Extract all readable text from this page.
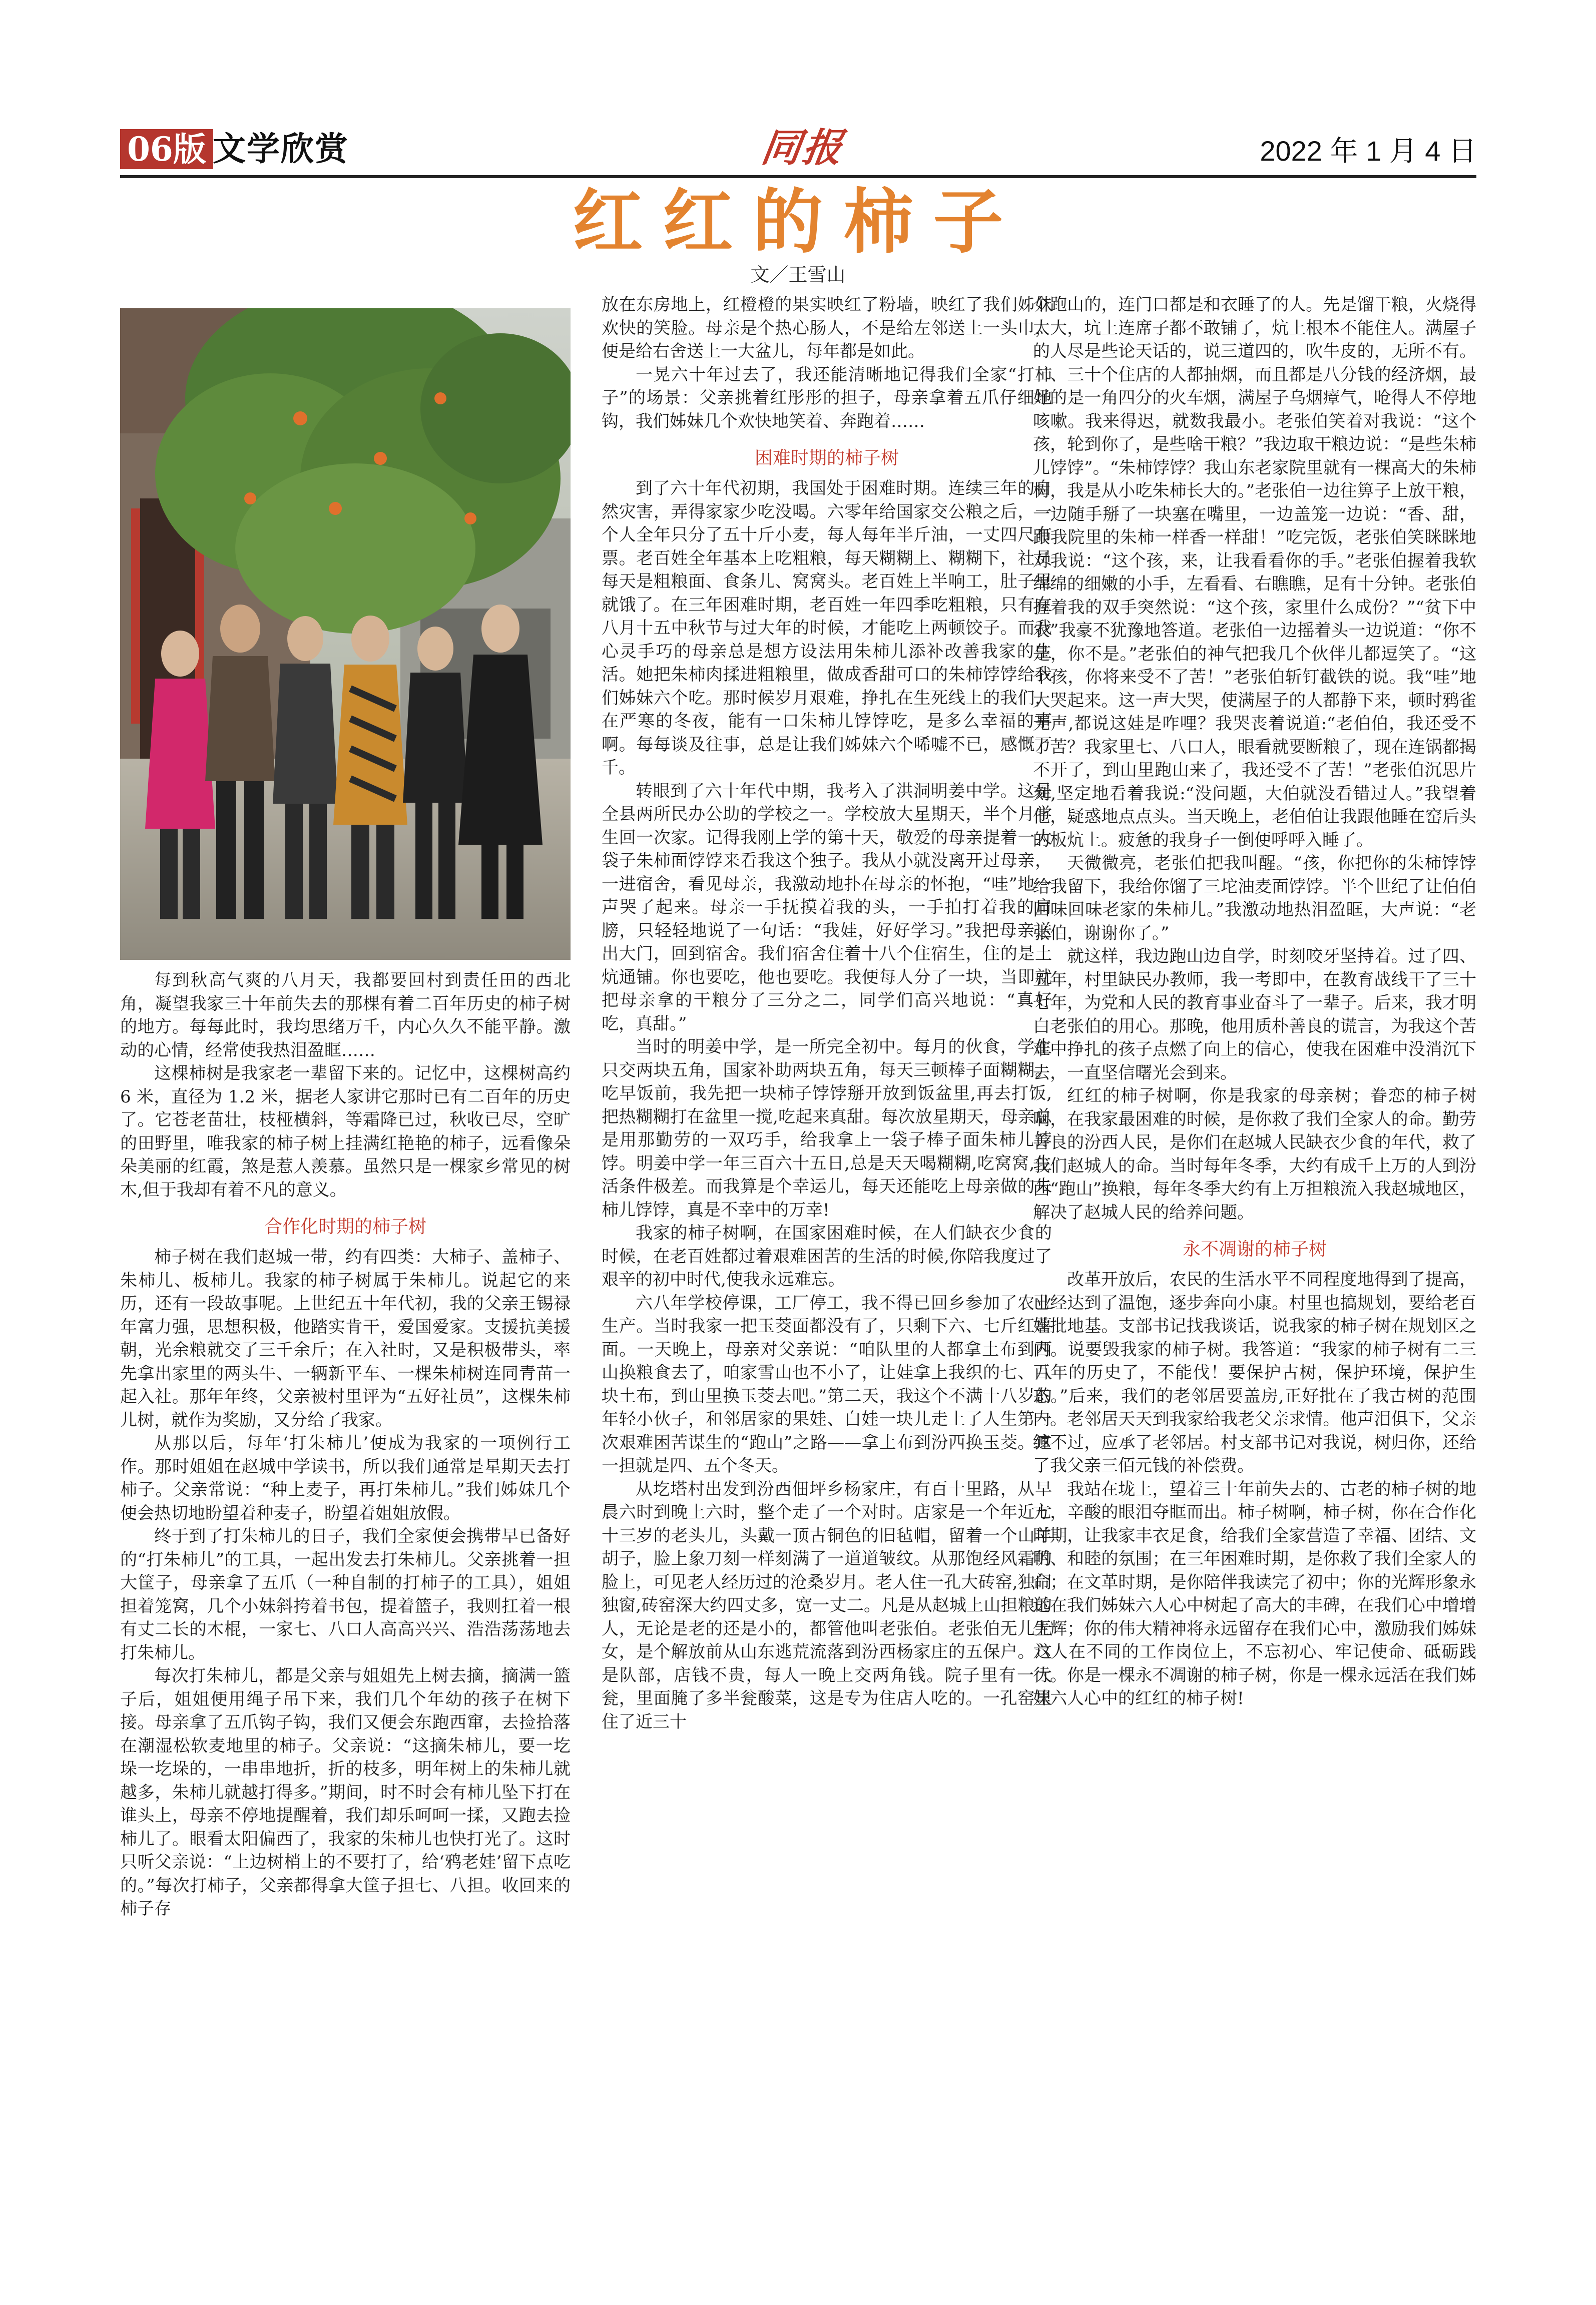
06版 文学欣赏	同报	2022 年 1 月 4 日
红红的柿子
文／王雪山

每到秋高气爽的八月天，我都要回村到责任田的西北角，凝望我家三十年前失去的那棵有着二百年历史的柿子树的地方。每每此时，我均思绪万千，内心久久不能平静。激动的心情，经常使我热泪盈眶……

这棵柿树是我家老一辈留下来的。记忆中，这棵树高约 6 米，直径为 1.2 米，据老人家讲它那时已有二百年的历史了。它苍老苗壮，枝桠横斜，等霜降已过，秋收已尽，空旷的田野里，唯我家的柿子树上挂满红艳艳的柿子，远看像朵朵美丽的红霞，煞是惹人羡慕。虽然只是一棵家乡常见的树木,但于我却有着不凡的意义。

合作化时期的柿子树

柿子树在我们赵城一带，约有四类：大柿子、盖柿子、朱柿儿、板柿儿。我家的柿子树属于朱柿儿。说起它的来历，还有一段故事呢。上世纪五十年代初，我的父亲王锡禄年富力强，思想积极，他踏实肯干，爱国爱家。支援抗美援朝，光余粮就交了三千余斤；在入社时，又是积极带头，率先拿出家里的两头牛、一辆新平车、一棵朱柿树连同青苗一起入社。那年年终，父亲被村里评为“五好社员”，这棵朱柿儿树，就作为奖励，又分给了我家。

从那以后，每年‘打朱柿儿’便成为我家的一项例行工作。那时姐姐在赵城中学读书，所以我们通常是星期天去打柿子。父亲常说：“种上麦子，再打朱柿儿。”我们姊妹几个便会热切地盼望着种麦子，盼望着姐姐放假。

终于到了打朱柿儿的日子，我们全家便会携带早已备好的“打朱柿儿”的工具，一起出发去打朱柿儿。父亲挑着一担大筐子，母亲拿了五爪（一种自制的打柿子的工具），姐姐担着笼窝，几个小妹斜挎着书包，提着篮子，我则扛着一根有丈二长的木棍，一家七、八口人高高兴兴、浩浩荡荡地去打朱柿儿。

每次打朱柿儿，都是父亲与姐姐先上树去摘，摘满一篮子后，姐姐便用绳子吊下来，我们几个年幼的孩子在树下接。母亲拿了五爪钩子钩，我们又便会东跑西窜，去捡拾落在潮湿松软麦地里的柿子。父亲说：“这摘朱柿儿，要一圪垛一圪垛的，一串串地折，折的枝多，明年树上的朱柿儿就越多，朱柿儿就越打得多。”期间，时不时会有柿儿坠下打在谁头上，母亲不停地提醒着，我们却乐呵呵一揉，又跑去捡柿儿了。眼看太阳偏西了，我家的朱柿儿也快打光了。这时只听父亲说：“上边树梢上的不要打了，给‘鸦老娃’留下点吃的。”每次打柿子，父亲都得拿大筐子担七、八担。收回来的柿子存

放在东房地上，红橙橙的果实映红了粉墙，映红了我们姊妹欢快的笑脸。母亲是个热心肠人，不是给左邻送上一头巾，便是给右舍送上一大盆儿，每年都是如此。

一晃六十年过去了，我还能清晰地记得我们全家“打柿子”的场景：父亲挑着红彤彤的担子，母亲拿着五爪仔细地钩，我们姊妹几个欢快地笑着、奔跑着……

困难时期的柿子树

到了六十年代初期，我国处于困难时期。连续三年的自然灾害，弄得家家少吃没喝。六零年给国家交公粮之后，一个人全年只分了五十斤小麦，每人每年半斤油，一丈四尺布票。老百姓全年基本上吃粗粮，每天糊糊上、糊糊下，社员每天是粗粮面、食条儿、窝窝头。老百姓上半响工，肚子里就饿了。在三年困难时期，老百姓一年四季吃粗粮，只有在八月十五中秋节与过大年的时候，才能吃上两顿饺子。而我心灵手巧的母亲总是想方设法用朱柿儿添补改善我家的生活。她把朱柿肉揉进粗粮里，做成香甜可口的朱柿饽饽给我们姊妹六个吃。那时候岁月艰难，挣扎在生死线上的我们，在严寒的冬夜，能有一口朱柿儿饽饽吃，是多么幸福的事啊。每每谈及往事，总是让我们姊妹六个唏嘘不已，感慨万千。

转眼到了六十年代中期，我考入了洪洞明姜中学。这是全县两所民办公助的学校之一。学校放大星期天，半个月学生回一次家。记得我刚上学的第十天，敬爱的母亲提着一大袋子朱柿面饽饽来看我这个独子。我从小就没离开过母亲，一进宿舍，看见母亲，我激动地扑在母亲的怀抱，“哇”地一声哭了起来。母亲一手抚摸着我的头，一手拍打着我的肩膀，只轻轻地说了一句话：“我娃，好好学习。”我把母亲送出大门，回到宿舍。我们宿舍住着十八个住宿生，住的是土炕通铺。你也要吃，他也要吃。我便每人分了一块，当即就把母亲拿的干粮分了三分之二，同学们高兴地说：“真好吃，真甜。”

当时的明姜中学，是一所完全初中。每月的伙食，学生只交两块五角，国家补助两块五角，每天三顿棒子面糊糊。吃早饭前，我先把一块柿子饽饽掰开放到饭盆里,再去打饭,把热糊糊打在盆里一搅,吃起来真甜。每次放星期天，母亲总是用那勤劳的一双巧手，给我拿上一袋子棒子面朱柿儿饽饽。明姜中学一年三百六十五日,总是天天喝糊糊,吃窝窝,生活条件极差。而我算是个幸运儿，每天还能吃上母亲做的朱柿儿饽饽，真是不幸中的万幸!

我家的柿子树啊，在国家困难时候，在人们缺衣少食的时候，在老百姓都过着艰难困苦的生活的时候,你陪我度过了艰辛的初中时代,使我永远难忘。

六八年学校停课，工厂停工，我不得已回乡参加了农业生产。当时我家一把玉茭面都没有了，只剩下六、七斤红薯面。一天晚上，母亲对父亲说：“咱队里的人都拿土布到西山换粮食去了，咱家雪山也不小了，让娃拿上我织的七、八块土布，到山里换玉茭去吧。”第二天，我这个不满十八岁的年轻小伙子，和邻居家的果娃、白娃一块儿走上了人生第一次艰难困苦谋生的“跑山”之路——拿土布到汾西换玉茭。这一担就是四、五个冬天。

从圪塔村出发到汾西佃坪乡杨家庄，有百十里路，从早晨六时到晚上六时，整个走了一个对时。店家是一个年近七十三岁的老头儿，头戴一顶古铜色的旧毡帽，留着一个山羊胡子，脸上象刀刻一样刻满了一道道皱纹。从那饱经风霜的脸上，可见老人经历过的沧桑岁月。老人住一孔大砖窑,独门独窗,砖窑深大约四丈多，宽一丈二。凡是从赵城上山担粮的人，无论是老的还是小的，都管他叫老张伯。老张伯无儿无女，是个解放前从山东逃荒流落到汾西杨家庄的五保户。这是队部，店钱不贵，每人一晚上交两角钱。院子里有一大瓮，里面腌了多半瓮酸菜，这是专为住店人吃的。一孔窑里住了近三十

个跑山的，连门口都是和衣睡了的人。先是馏干粮，火烧得太大，坑上连席子都不敢铺了，炕上根本不能住人。满屋子的人尽是些论天话的，说三道四的，吹牛皮的，无所不有。二、三十个住店的人都抽烟，而且都是八分钱的经济烟，最好的是一角四分的火车烟，满屋子乌烟瘴气，呛得人不停地咳嗽。我来得迟，就数我最小。老张伯笑着对我说：“这个孩，轮到你了，是些啥干粮？”我边取干粮边说：“是些朱柿儿饽饽”。“朱柿饽饽？我山东老家院里就有一棵高大的朱柿树，我是从小吃朱柿长大的。”老张伯一边往箅子上放干粮，一边随手掰了一块塞在嘴里，一边盖笼一边说：“香、甜，跟我院里的朱柿一样香一样甜！”吃完饭，老张伯笑眯眯地对我说：“这个孩，来，让我看看你的手。”老张伯握着我软绵绵的细嫩的小手，左看看、右瞧瞧，足有十分钟。老张伯握着我的双手突然说：“这个孩，家里什么成份？”“贫下中农”我豪不犹豫地答道。老张伯一边摇着头一边说道：“你不是，你不是。”老张伯的神气把我几个伙伴儿都逗笑了。“这个孩，你将来受不了苦！”老张伯斩钉截铁的说。我“哇”地大哭起来。这一声大哭，使满屋子的人都静下来，顿时鸦雀无声,都说这娃是咋哩？我哭丧着说道:“老伯伯，我还受不了苦？我家里七、八口人，眼看就要断粮了，现在连锅都揭不开了，到山里跑山来了，我还受不了苦！”老张伯沉思片刻,坚定地看着我说:“没问题，大伯就没看错过人。”我望着他，疑惑地点点头。当天晚上，老伯伯让我跟他睡在窑后头的板炕上。疲惫的我身子一倒便呼呼入睡了。

天微微亮，老张伯把我叫醒。“孩，你把你的朱柿饽饽给我留下，我给你馏了三坨油麦面饽饽。半个世纪了让伯伯回味回味老家的朱柿儿。”我激动地热泪盈眶，大声说：“老张伯，谢谢你了。”

就这样，我边跑山边自学，时刻咬牙坚持着。过了四、五年，村里缺民办教师，我一考即中，在教育战线干了三十七年，为党和人民的教育事业奋斗了一辈子。后来，我才明白老张伯的用心。那晚，他用质朴善良的谎言，为我这个苦难中挣扎的孩子点燃了向上的信心，使我在困难中没消沉下去，一直坚信曙光会到来。

红红的柿子树啊，你是我家的母亲树；眷恋的柿子树啊，在我家最困难的时候，是你救了我们全家人的命。勤劳善良的汾西人民，是你们在赵城人民缺衣少食的年代，救了我们赵城人的命。当时每年冬季，大约有成千上万的人到汾西“跑山”换粮，每年冬季大约有上万担粮流入我赵城地区，解决了赵城人民的给养问题。

永不凋谢的柿子树

改革开放后，农民的生活水平不同程度地得到了提高，已经达到了温饱，逐步奔向小康。村里也搞规划，要给老百姓批地基。支部书记找我谈话，说我家的柿子树在规划区之内。说要毁我家的柿子树。我答道：“我家的柿子树有二三百年的历史了，不能伐！要保护古树，保护环境，保护生态。”后来，我们的老邻居要盖房,正好批在了我古树的范围内。老邻居天天到我家给我老父亲求情。他声泪俱下，父亲缠不过，应承了老邻居。村支部书记对我说，树归你，还给了我父亲三佰元钱的补偿费。

我站在垅上，望着三十年前失去的、古老的柿子树的地方，辛酸的眼泪夺眶而出。柿子树啊，柿子树，你在合作化时期，让我家丰衣足食，给我们全家营造了幸福、团结、文明、和睦的氛围；在三年困难时期，是你救了我们全家人的命；在文革时期，是你陪伴我读完了初中；你的光辉形象永远在我们姊妹六人心中树起了高大的丰碑，在我们心中增增生辉；你的伟大精神将永远留存在我们心中，激励我们姊妹六人在不同的工作岗位上，不忘初心、牢记使命、砥砺践行。你是一棵永不凋谢的柿子树，你是一棵永远活在我们姊妹六人心中的红红的柿子树!
